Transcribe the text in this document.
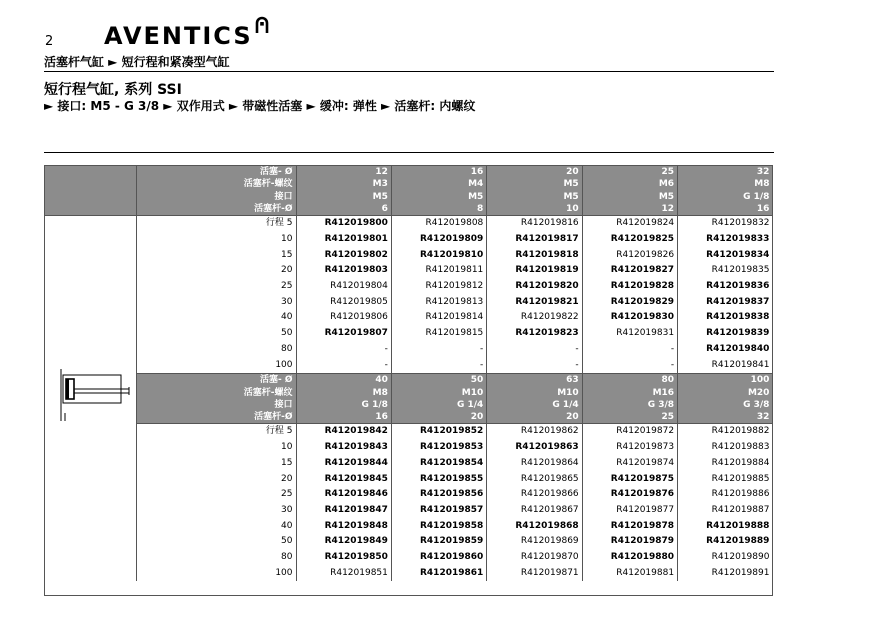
2 AVENTICS
活塞杆气缸 ► 短行程和紧凑型气缸
短行程气缸, 系列 SSI
► 接口: M5 - G 3/8 ► 双作用式 ► 带磁性活塞 ► 缓冲: 弹性 ► 活塞杆: 内螺纹
	活塞- Ø	12	16	20	25	32
	活塞杆-螺纹	M3	M4	M5	M6	M8
	接口	M5	M5	M5	M5	G 1/8
	活塞杆-Ø	6	8	10	12	16
	行程 5	R412019800	R412019808	R412019816	R412019824	R412019832
	10	R412019801	R412019809	R412019817	R412019825	R412019833
	15	R412019802	R412019810	R412019818	R412019826	R412019834
	20	R412019803	R412019811	R412019819	R412019827	R412019835
	25	R412019804	R412019812	R412019820	R412019828	R412019836
	30	R412019805	R412019813	R412019821	R412019829	R412019837
	40	R412019806	R412019814	R412019822	R412019830	R412019838
	50	R412019807	R412019815	R412019823	R412019831	R412019839
	80	-	-	-	-	R412019840
	100	-	-	-	-	R412019841
	活塞- Ø	40	50	63	80	100
	活塞杆-螺纹	M8	M10	M10	M16	M20
	接口	G 1/8	G 1/4	G 1/4	G 3/8	G 3/8
	活塞杆-Ø	16	20	20	25	32
	行程 5	R412019842	R412019852	R412019862	R412019872	R412019882
	10	R412019843	R412019853	R412019863	R412019873	R412019883
	15	R412019844	R412019854	R412019864	R412019874	R412019884
	20	R412019845	R412019855	R412019865	R412019875	R412019885
	25	R412019846	R412019856	R412019866	R412019876	R412019886
	30	R412019847	R412019857	R412019867	R412019877	R412019887
	40	R412019848	R412019858	R412019868	R412019878	R412019888
	50	R412019849	R412019859	R412019869	R412019879	R412019889
	80	R412019850	R412019860	R412019870	R412019880	R412019890
	100	R412019851	R412019861	R412019871	R412019881	R412019891
